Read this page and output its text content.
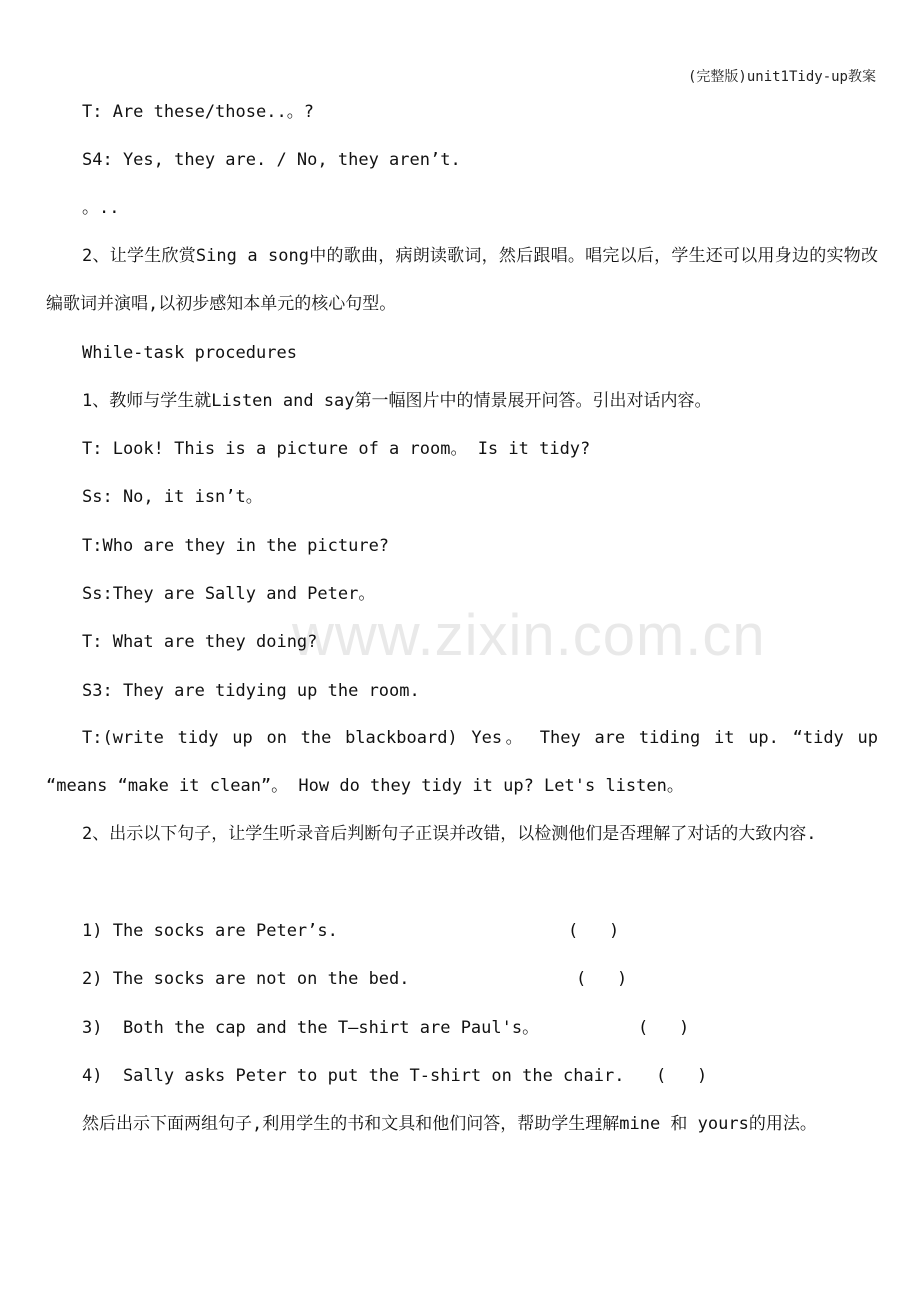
(完整版)unit1Tidy-up教案
www.zixin.com.cn
T: Are these/those..。?
S4: Yes, they are. / No, they aren’t.
。..
2、让学生欣赏Sing a song中的歌曲，病朗读歌词，然后跟唱。唱完以后，学生还可以用身边的实物改编歌词并演唱,以初步感知本单元的核心句型。
While-task procedures
1、教师与学生就Listen and say第一幅图片中的情景展开问答。引出对话内容。
T: Look! This is a picture of a room。 Is it tidy?
Ss: No, it isn’t。
T:Who are they in the picture?
Ss:They are Sally and Peter。
T: What are they doing?
S3: They are tidying up the room.
T:(write tidy up on the blackboard) Yes。 They are tiding it up. “tidy up “means “make it clean”。 How do they tidy it up? Let's listen。
2、出示以下句子，让学生听录音后判断句子正误并改错，以检测他们是否理解了对话的大致内容.
1) The socks are Peter’s.	(   )
2) The socks are not on the bed.	(   )
3)  Both the cap and the T—shirt are Paul's。	(   )
4)  Sally asks Peter to put the T-shirt on the chair. (   )
然后出示下面两组句子,利用学生的书和文具和他们问答，帮助学生理解mine 和 yours的用法。
